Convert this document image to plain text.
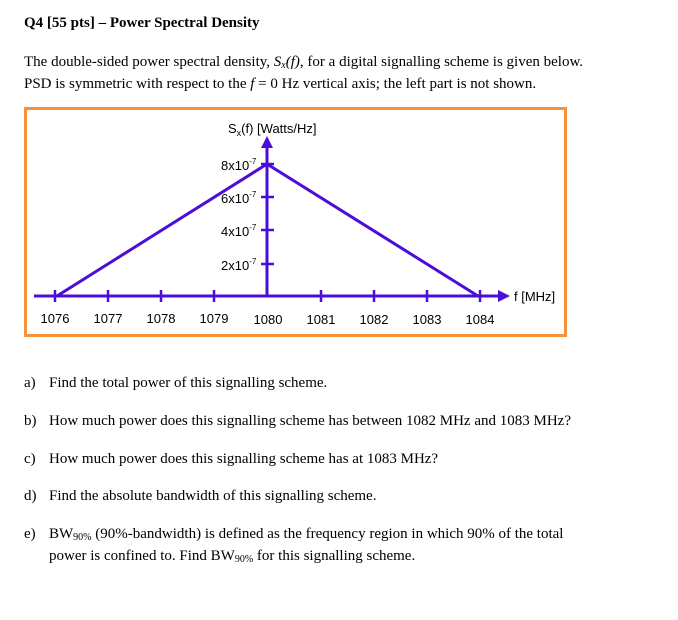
Q4 [55 pts] – Power Spectral Density

The double-sided power spectral density, $S_x(f)$, for a digital signalling scheme is given below.

PSD is symmetric with respect to the f = 0 Hz vertical axis; the left part is not shown.

$S_x(f)$ [Watts/Hz]
$2x10^{-7}$
$4x10^{-7}$
$6x10^{-7}$
$8x10^{-7}$
1076 1077 1078 1079 1080 1081 1082 1083 1084
f [MHz]
a) Find the total power of this signalling scheme.
b) How much power does this signalling scheme has between 1082 MHz and 1083 MHz?
c) How much power does this signalling scheme has at 1083 MHz?
d) Find the absolute bandwidth of this signalling scheme.
e) $BW_{90\%}$ (90%-bandwidth) is defined as the frequency region in which 90% of the total
power is confined to. Find $BW_{90\%}$ for this signalling scheme.
